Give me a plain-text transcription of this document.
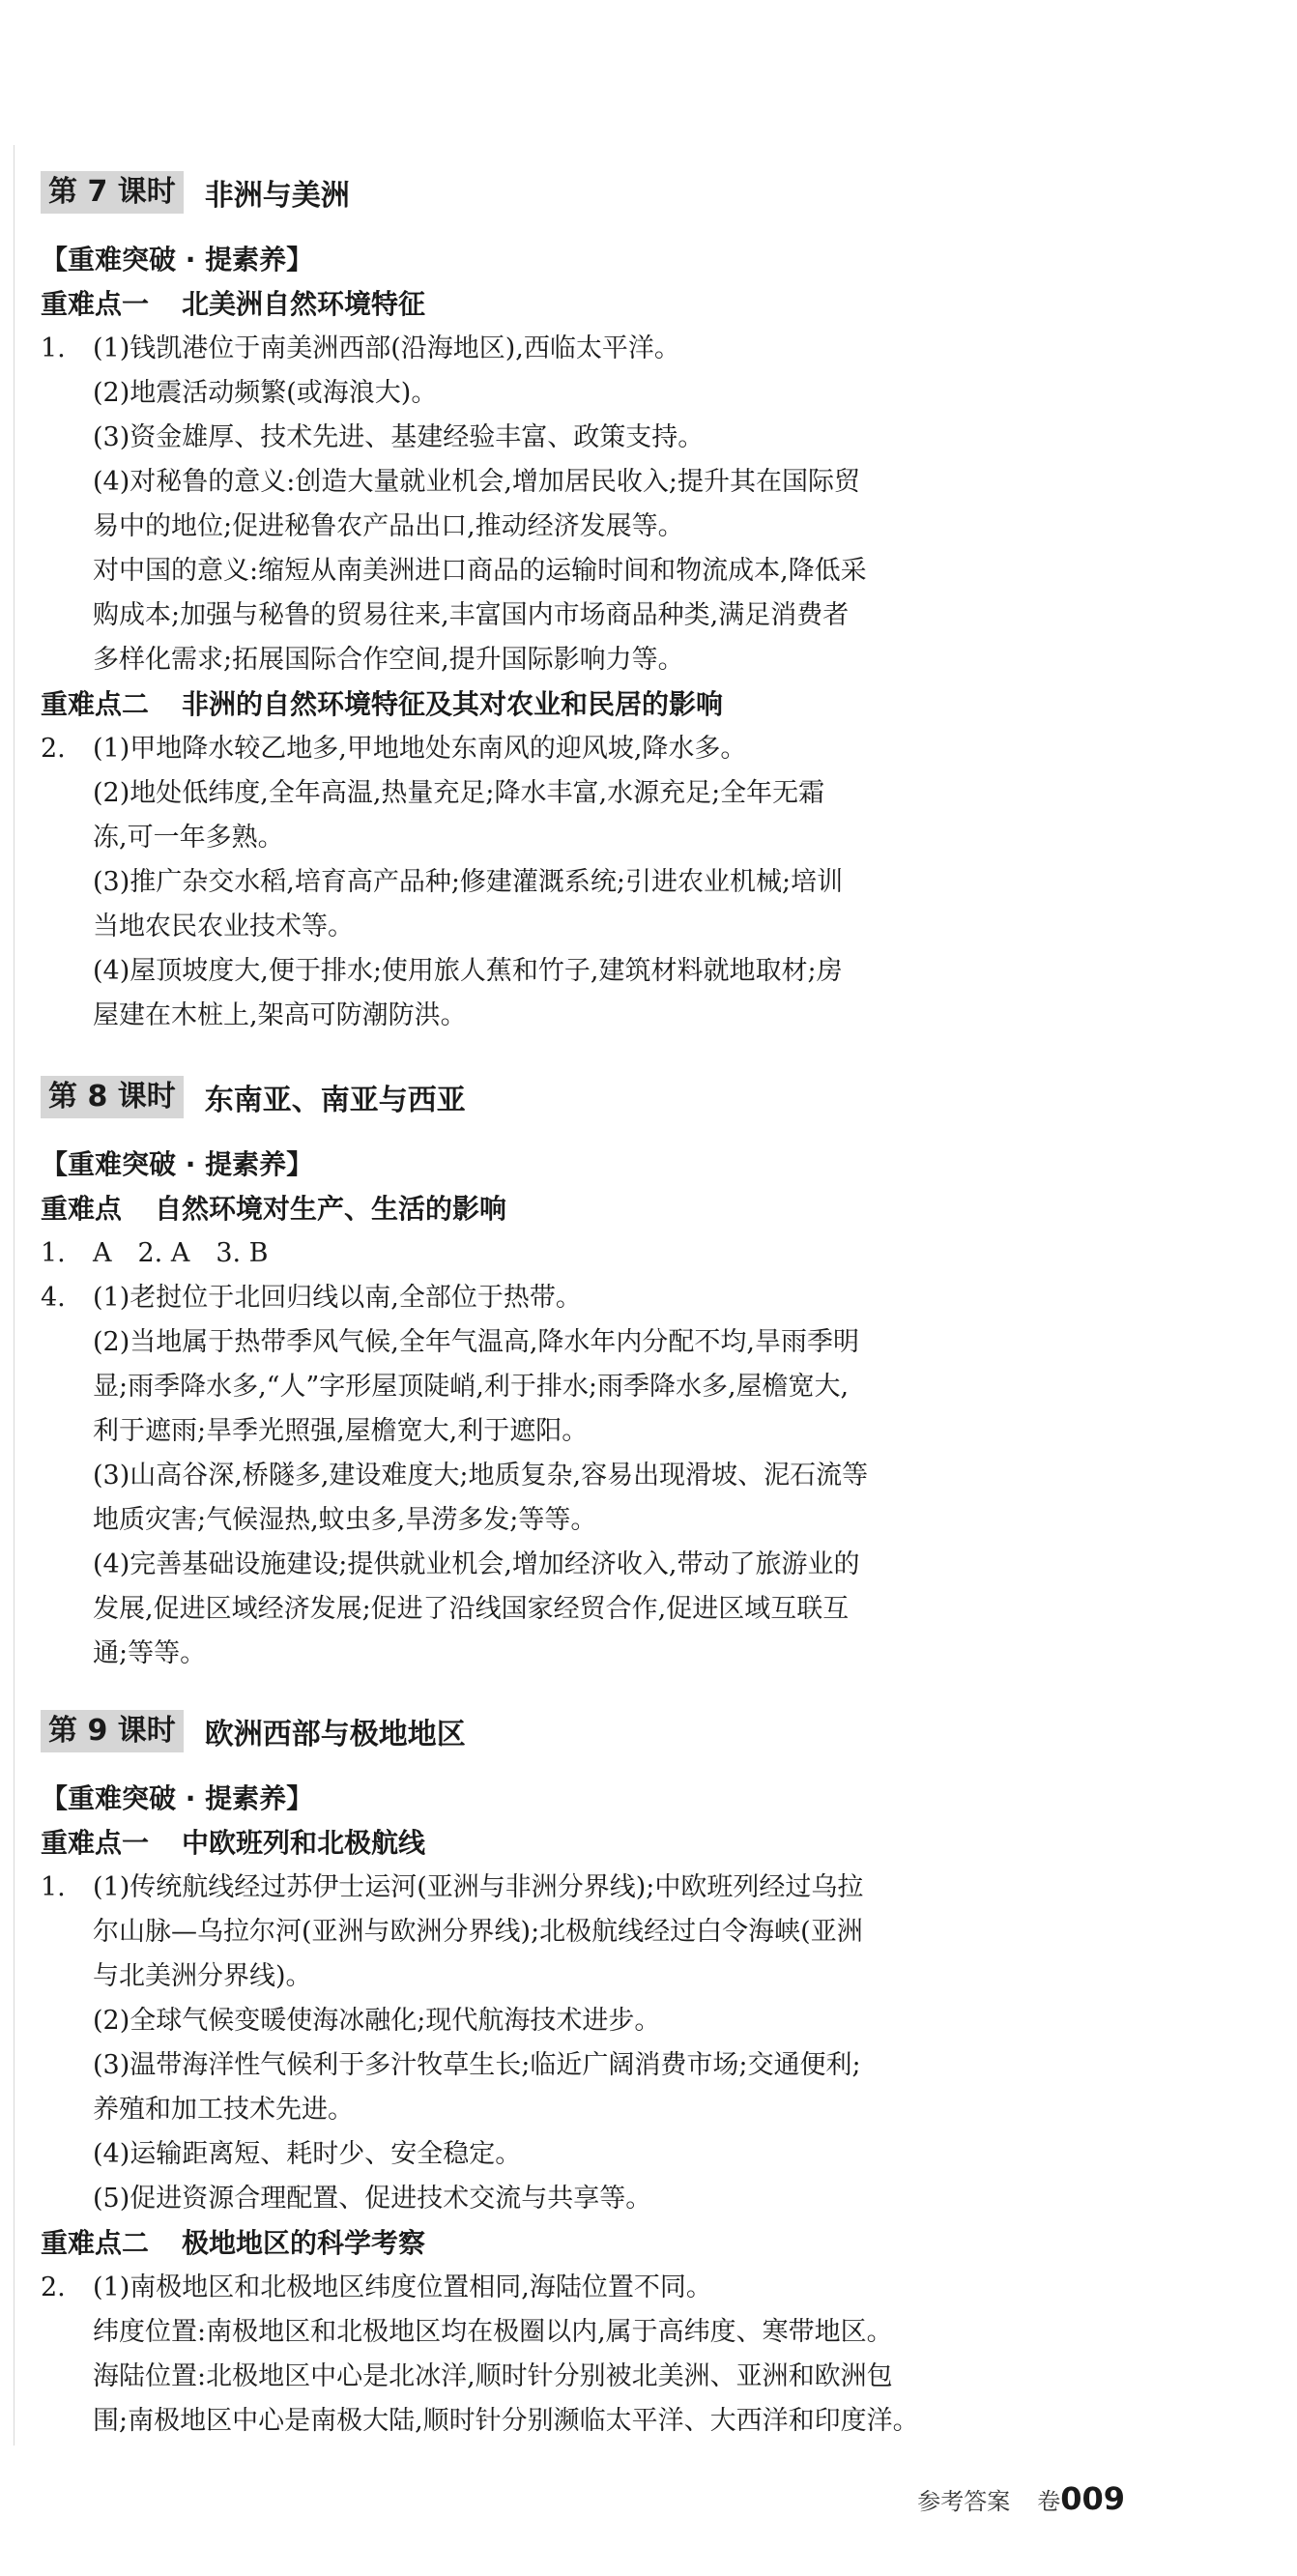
第 7 课时 非洲与美洲
【重难突破 · 提素养】
重难点一 北美洲自然环境特征
1.	(1)钱凯港位于南美洲西部(沿海地区),西临太平洋。
(2)地震活动频繁(或海浪大)。
(3)资金雄厚、技术先进、基建经验丰富、政策支持。
(4)对秘鲁的意义:创造大量就业机会,增加居民收入;提升其在国际贸
易中的地位;促进秘鲁农产品出口,推动经济发展等。
对中国的意义:缩短从南美洲进口商品的运输时间和物流成本,降低采
购成本;加强与秘鲁的贸易往来,丰富国内市场商品种类,满足消费者
多样化需求;拓展国际合作空间,提升国际影响力等。
重难点二 非洲的自然环境特征及其对农业和民居的影响
2.	(1)甲地降水较乙地多,甲地地处东南风的迎风坡,降水多。
(2)地处低纬度,全年高温,热量充足;降水丰富,水源充足;全年无霜
冻,可一年多熟。
(3)推广杂交水稻,培育高产品种;修建灌溉系统;引进农业机械;培训
当地农民农业技术等。
(4)屋顶坡度大,便于排水;使用旅人蕉和竹子,建筑材料就地取材;房
屋建在木桩上,架高可防潮防洪。
第 8 课时 东南亚、南亚与西亚
【重难突破 · 提素养】
重难点 自然环境对生产、生活的影响
1.	A　2. A　3. B
4.	(1)老挝位于北回归线以南,全部位于热带。
(2)当地属于热带季风气候,全年气温高,降水年内分配不均,旱雨季明
显;雨季降水多,“人”字形屋顶陡峭,利于排水;雨季降水多,屋檐宽大,
利于遮雨;旱季光照强,屋檐宽大,利于遮阳。
(3)山高谷深,桥隧多,建设难度大;地质复杂,容易出现滑坡、泥石流等
地质灾害;气候湿热,蚊虫多,旱涝多发;等等。
(4)完善基础设施建设;提供就业机会,增加经济收入,带动了旅游业的
发展,促进区域经济发展;促进了沿线国家经贸合作,促进区域互联互
通;等等。
第 9 课时 欧洲西部与极地地区
【重难突破 · 提素养】
重难点一 中欧班列和北极航线
1.	(1)传统航线经过苏伊士运河(亚洲与非洲分界线);中欧班列经过乌拉
尔山脉—乌拉尔河(亚洲与欧洲分界线);北极航线经过白令海峡(亚洲
与北美洲分界线)。
(2)全球气候变暖使海冰融化;现代航海技术进步。
(3)温带海洋性气候利于多汁牧草生长;临近广阔消费市场;交通便利;
养殖和加工技术先进。
(4)运输距离短、耗时少、安全稳定。
(5)促进资源合理配置、促进技术交流与共享等。
重难点二 极地地区的科学考察
2.	(1)南极地区和北极地区纬度位置相同,海陆位置不同。
纬度位置:南极地区和北极地区均在极圈以内,属于高纬度、寒带地区。
海陆位置:北极地区中心是北冰洋,顺时针分别被北美洲、亚洲和欧洲包
围;南极地区中心是南极大陆,顺时针分别濒临太平洋、大西洋和印度洋。
参考答案 卷 009
